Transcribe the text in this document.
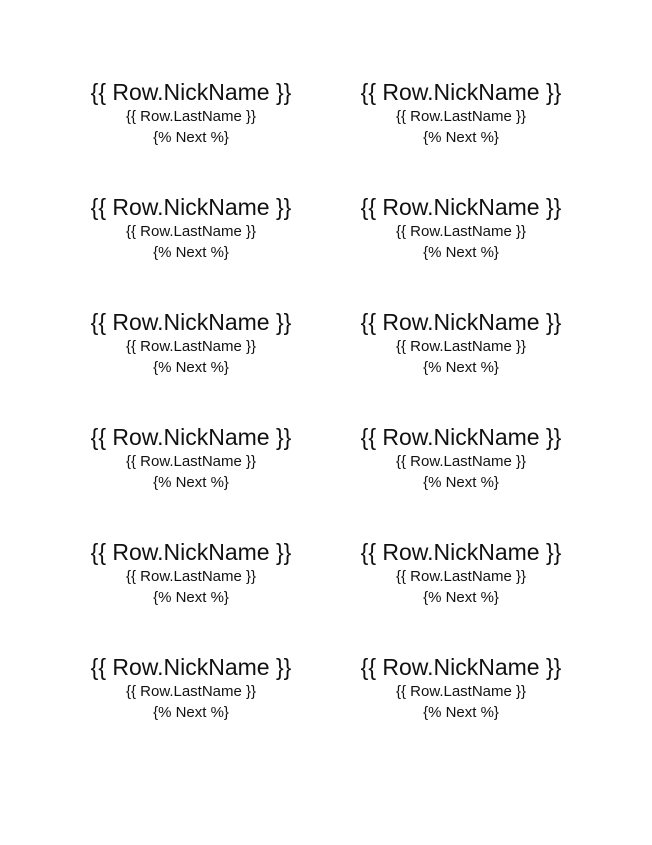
{{ Row.NickName }}
{{ Row.LastName }}
{% Next %}
{{ Row.NickName }}
{{ Row.LastName }}
{% Next %}
{{ Row.NickName }}
{{ Row.LastName }}
{% Next %}
{{ Row.NickName }}
{{ Row.LastName }}
{% Next %}
{{ Row.NickName }}
{{ Row.LastName }}
{% Next %}
{{ Row.NickName }}
{{ Row.LastName }}
{% Next %}
{{ Row.NickName }}
{{ Row.LastName }}
{% Next %}
{{ Row.NickName }}
{{ Row.LastName }}
{% Next %}
{{ Row.NickName }}
{{ Row.LastName }}
{% Next %}
{{ Row.NickName }}
{{ Row.LastName }}
{% Next %}
{{ Row.NickName }}
{{ Row.LastName }}
{% Next %}
{{ Row.NickName }}
{{ Row.LastName }}
{% Next %}
